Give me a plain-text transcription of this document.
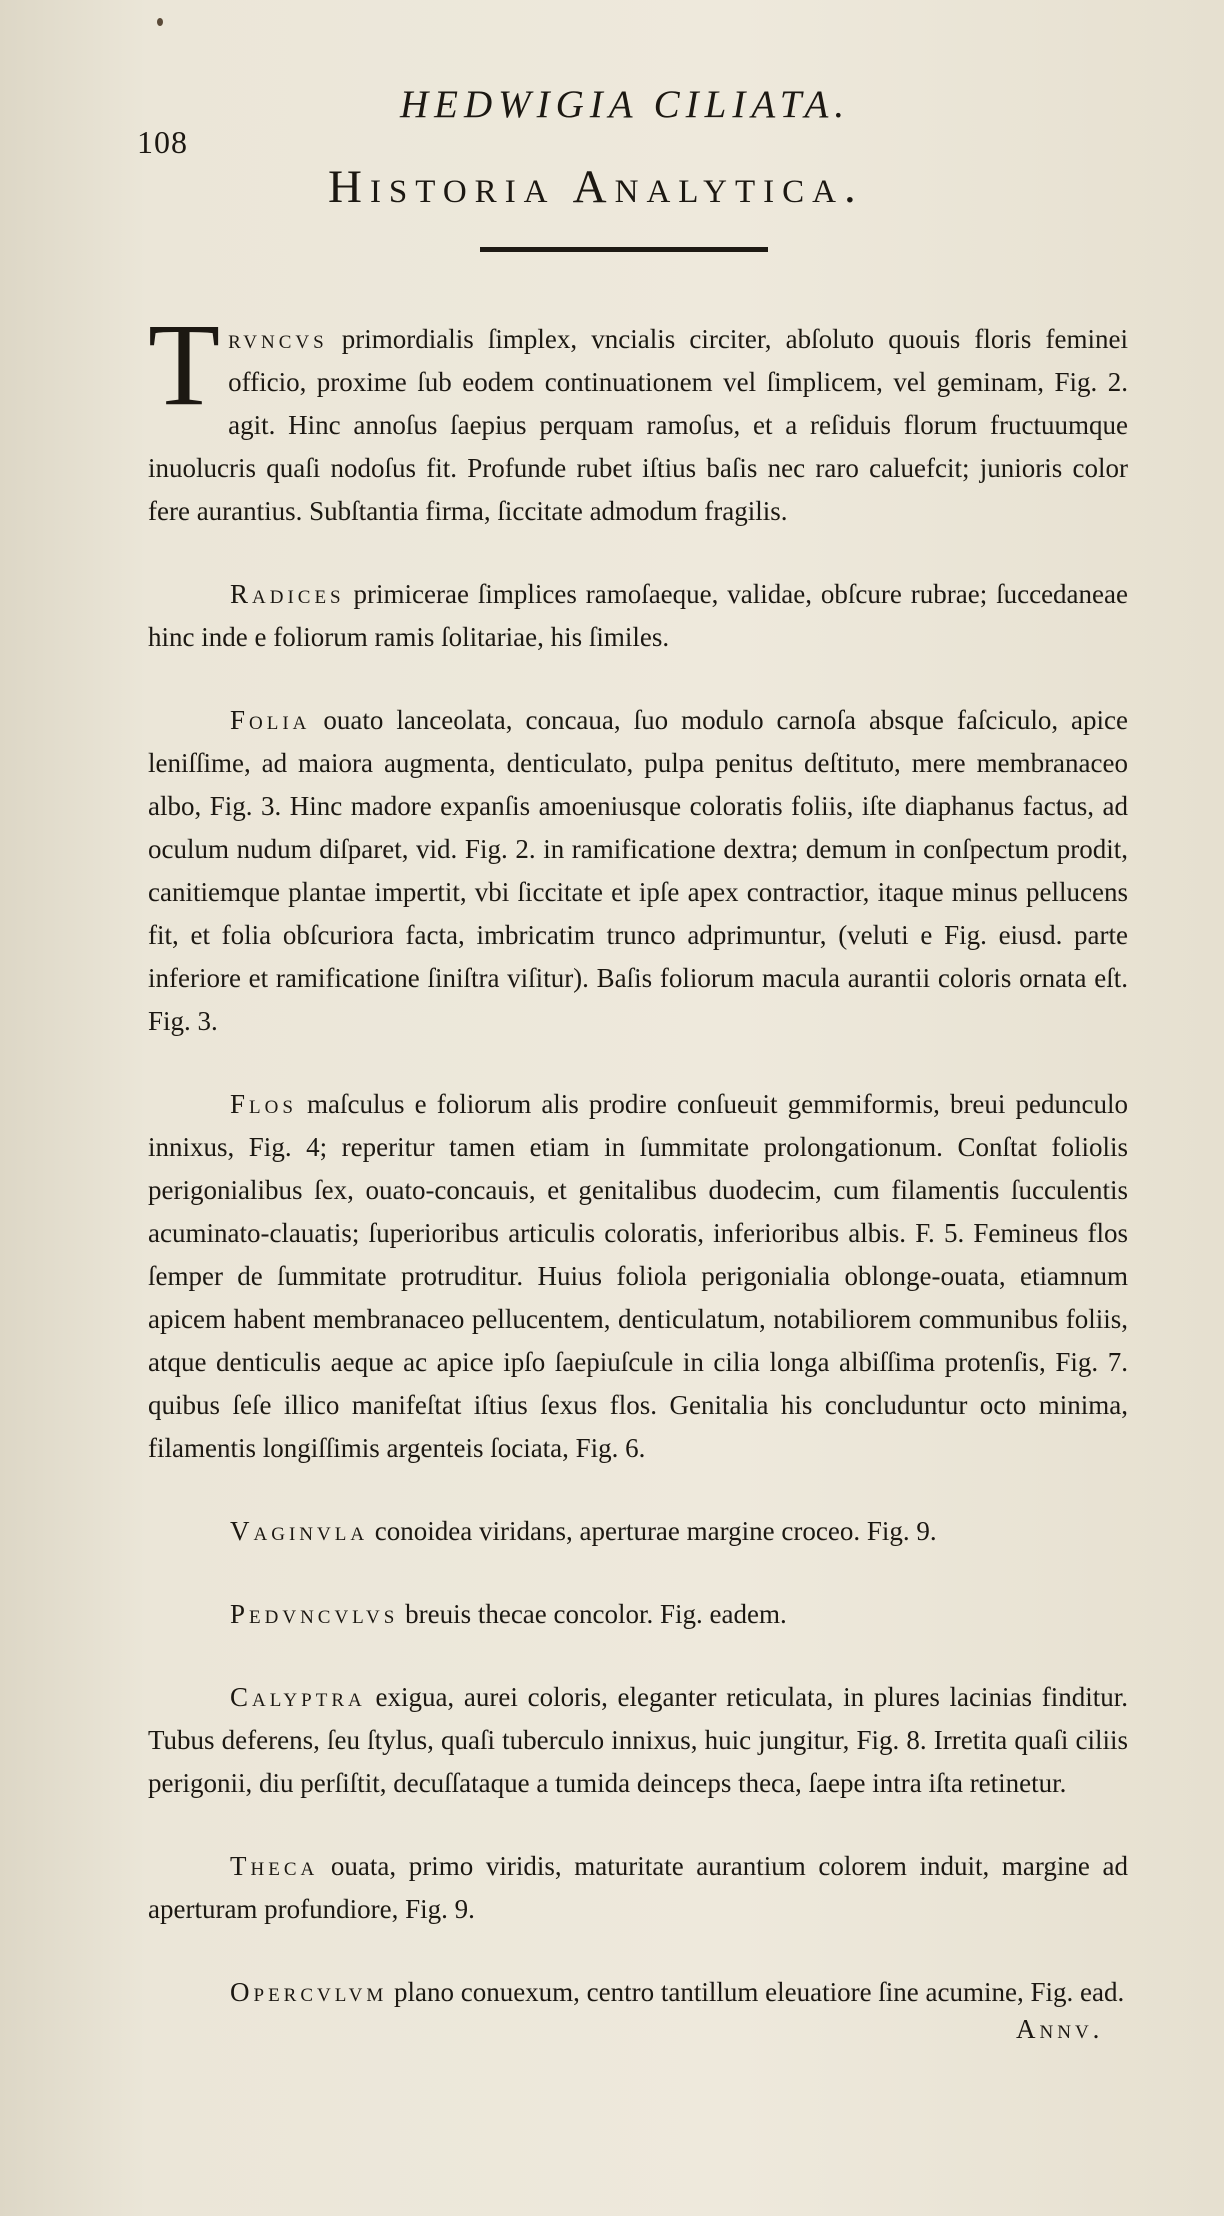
108
HEDWIGIA CILIATA.
Historia Analytica.

Trvncvs primordialis ſimplex, vncialis circiter, abſoluto quouis floris feminei officio, proxime ſub eodem continuationem vel ſimplicem, vel geminam, Fig. 2. agit. Hinc annoſus ſaepius perquam ramoſus, et a reſiduis florum fructuumque inuolucris quaſi nodoſus fit. Profunde rubet iſtius baſis nec raro caluefcit; junioris color fere aurantius. Subſtantia firma, ſiccitate admodum fragilis.

Radices primicerae ſimplices ramoſaeque, validae, obſcure rubrae; ſuccedaneae hinc inde e foliorum ramis ſolitariae, his ſimiles.

Folia ouato lanceolata, concaua, ſuo modulo carnoſa absque faſciculo, apice leniſſime, ad maiora augmenta, denticulato, pulpa penitus deſtituto, mere membranaceo albo, Fig. 3. Hinc madore expanſis amoeniusque coloratis foliis, iſte diaphanus factus, ad oculum nudum diſparet, vid. Fig. 2. in ramificatione dextra; demum in conſpectum prodit, canitiemque plantae impertit, vbi ſiccitate et ipſe apex contractior, itaque minus pellucens fit, et folia obſcuriora facta, imbricatim trunco adprimuntur, (veluti e Fig. eiusd. parte inferiore et ramificatione ſiniſtra viſitur). Baſis foliorum macula aurantii coloris ornata eſt. Fig. 3.

Flos maſculus e foliorum alis prodire conſueuit gemmiformis, breui pedunculo innixus, Fig. 4; reperitur tamen etiam in ſummitate prolongationum. Conſtat foliolis perigonialibus ſex, ouato-concauis, et genitalibus duodecim, cum filamentis ſucculentis acuminato-clauatis; ſuperioribus articulis coloratis, inferioribus albis. F. 5. Femineus flos ſemper de ſummitate protruditur. Huius foliola perigonialia oblonge-ouata, etiamnum apicem habent membranaceo pellucentem, denticulatum, notabiliorem communibus foliis, atque denticulis aeque ac apice ipſo ſaepiuſcule in cilia longa albiſſima protenſis, Fig. 7. quibus ſeſe illico manifeſtat iſtius ſexus flos. Genitalia his concluduntur octo minima, filamentis longiſſimis argenteis ſociata, Fig. 6.

Vaginvla conoidea viridans, aperturae margine croceo. Fig. 9.

Pedvncvlvs breuis thecae concolor. Fig. eadem.

Calyptra exigua, aurei coloris, eleganter reticulata, in plures lacinias finditur. Tubus deferens, ſeu ſtylus, quaſi tuberculo innixus, huic jungitur, Fig. 8. Irretita quaſi ciliis perigonii, diu perſiſtit, decuſſataque a tumida deinceps theca, ſaepe intra iſta retinetur.

Theca ouata, primo viridis, maturitate aurantium colorem induit, margine ad aperturam profundiore, Fig. 9.

Opercvlvm plano conuexum, centro tantillum eleuatiore ſine acumine, Fig. ead.

Annv.
